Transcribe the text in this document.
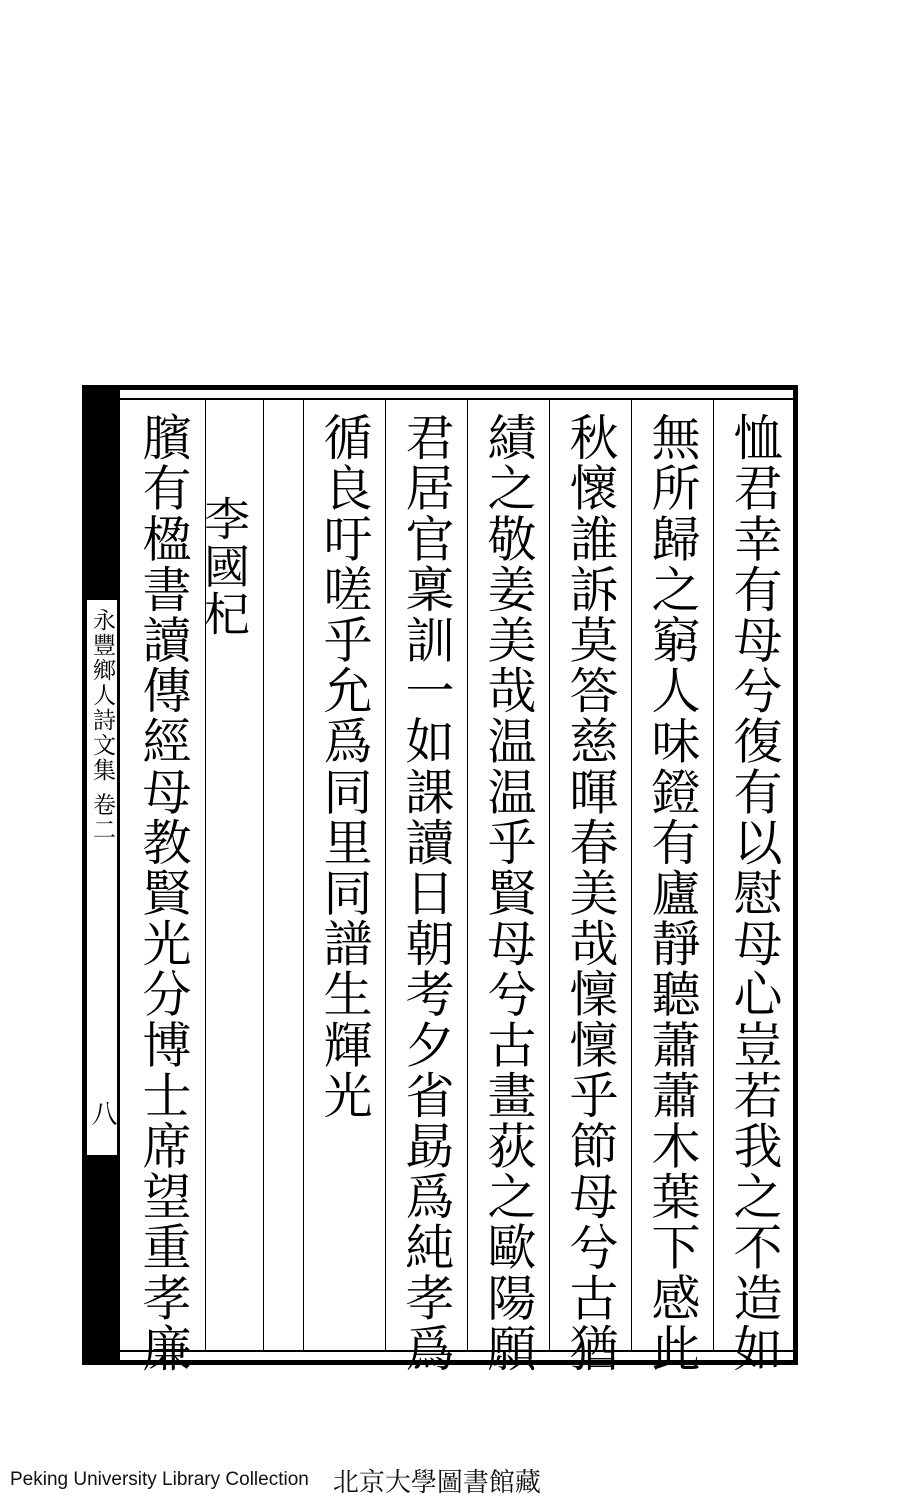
永豐鄉人詩文集 卷二
八	恤君幸有母兮復有以慰母心豈若我之不造如
無所歸之窮人味鐙有廬靜聽蕭蕭木葉下感此
秋懷誰訴莫答慈暉春美哉懍懍乎節母兮古猶
績之敬姜美哉温温乎賢母兮古畫荻之歐陽願
君居官稟訓一如課讀日朝考夕省勗爲純孝爲
循良吁嗟乎允爲同里同譜生輝光
李國杞
臏有楹書讀傳經母教賢光分博士席望重孝廉
Peking University Library Collection 北京大學圖書館藏
